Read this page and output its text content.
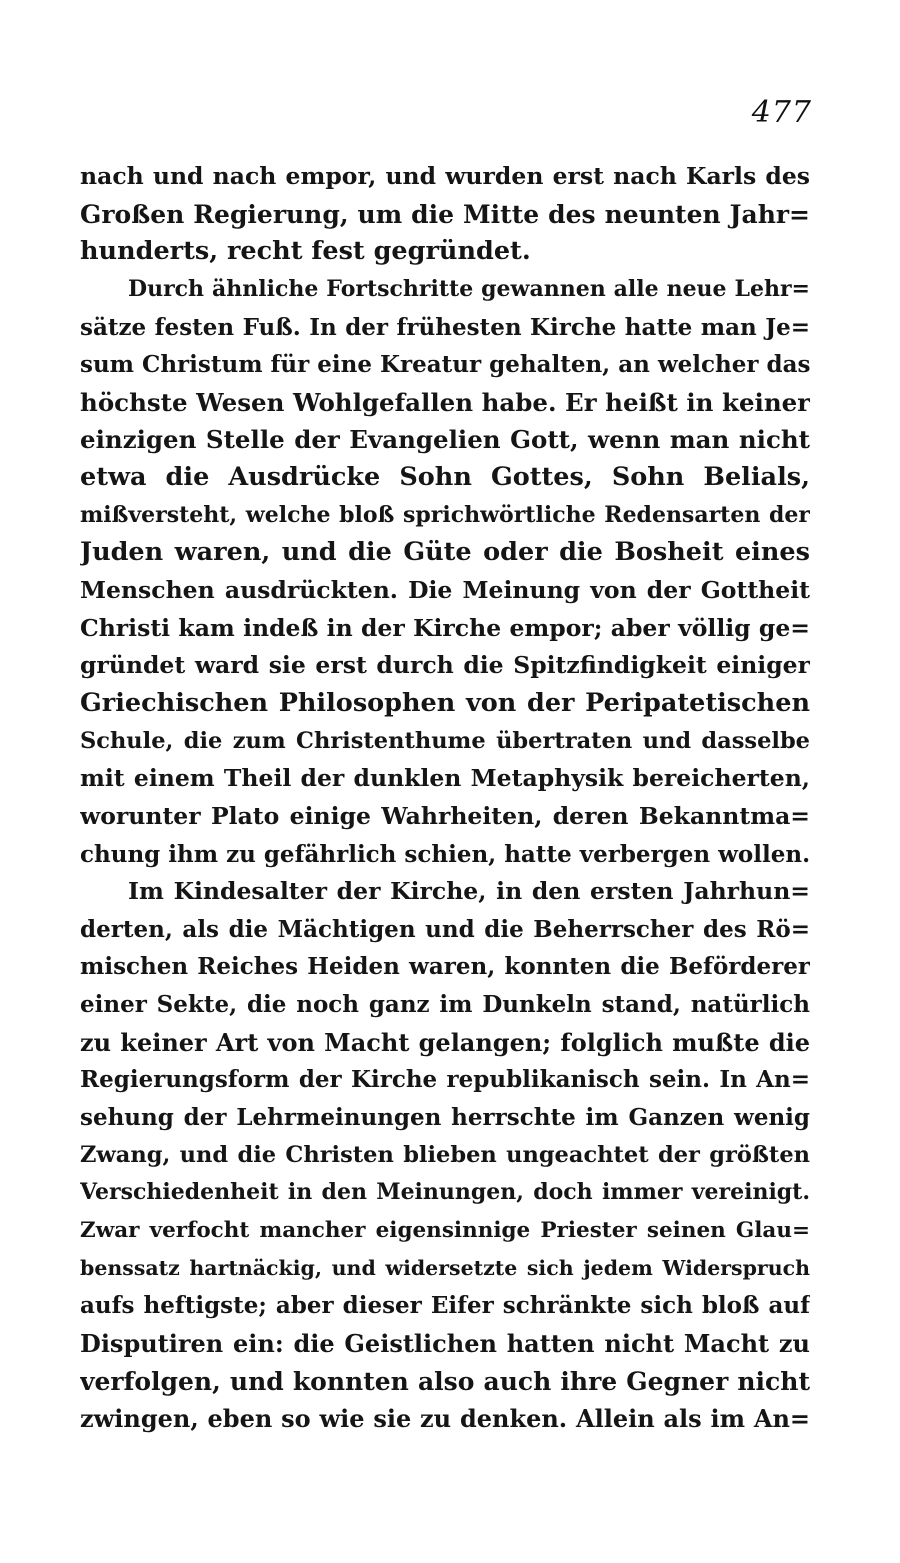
477
nach und nach empor, und wurden erst nach Karls des
Großen Regierung, um die Mitte des neunten Jahr=
hunderts, recht fest gegründet.
Durch ähnliche Fortschritte gewannen alle neue Lehr=
sätze festen Fuß. In der frühesten Kirche hatte man Je=
sum Christum für eine Kreatur gehalten, an welcher das
höchste Wesen Wohlgefallen habe. Er heißt in keiner
einzigen Stelle der Evangelien Gott, wenn man nicht
etwa die Ausdrücke Sohn Gottes, Sohn Belials,
mißversteht, welche bloß sprichwörtliche Redensarten der
Juden waren, und die Güte oder die Bosheit eines
Menschen ausdrückten. Die Meinung von der Gottheit
Christi kam indeß in der Kirche empor; aber völlig ge=
gründet ward sie erst durch die Spitzfindigkeit einiger
Griechischen Philosophen von der Peripatetischen
Schule, die zum Christenthume übertraten und dasselbe
mit einem Theil der dunklen Metaphysik bereicherten,
worunter Plato einige Wahrheiten, deren Bekanntma=
chung ihm zu gefährlich schien, hatte verbergen wollen.
Im Kindesalter der Kirche, in den ersten Jahrhun=
derten, als die Mächtigen und die Beherrscher des Rö=
mischen Reiches Heiden waren, konnten die Beförderer
einer Sekte, die noch ganz im Dunkeln stand, natürlich
zu keiner Art von Macht gelangen; folglich mußte die
Regierungsform der Kirche republikanisch sein. In An=
sehung der Lehrmeinungen herrschte im Ganzen wenig
Zwang, und die Christen blieben ungeachtet der größten
Verschiedenheit in den Meinungen, doch immer vereinigt.
Zwar verfocht mancher eigensinnige Priester seinen Glau=
benssatz hartnäckig, und widersetzte sich jedem Widerspruch
aufs heftigste; aber dieser Eifer schränkte sich bloß auf
Disputiren ein: die Geistlichen hatten nicht Macht zu
verfolgen, und konnten also auch ihre Gegner nicht
zwingen, eben so wie sie zu denken. Allein als im An=
